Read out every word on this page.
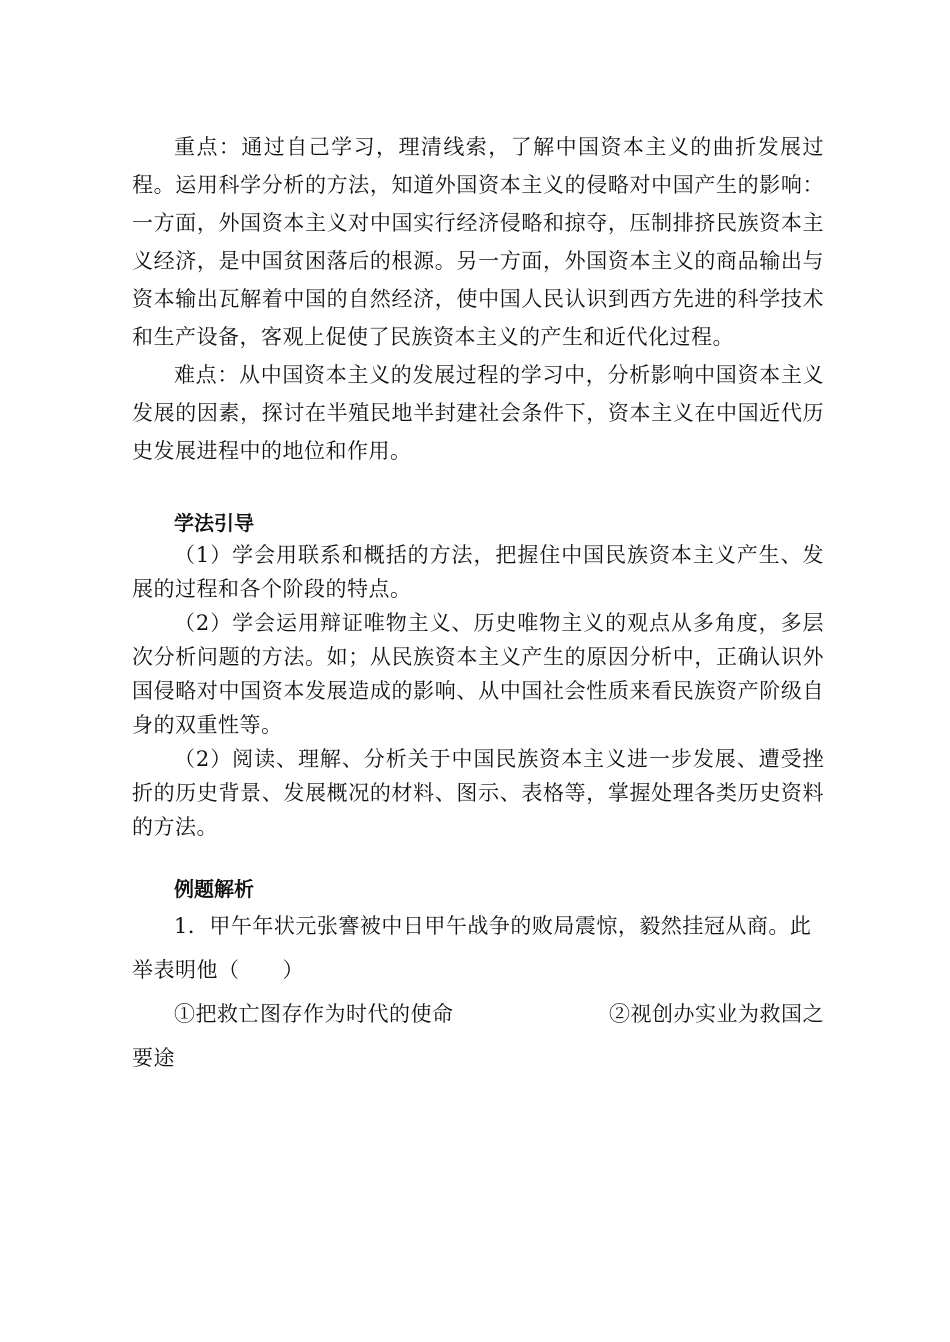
重点：通过自己学习，理清线索，了解中国资本主义的曲折发展过程。运用科学分析的方法，知道外国资本主义的侵略对中国产生的影响：一方面，外国资本主义对中国实行经济侵略和掠夺，压制排挤民族资本主义经济，是中国贫困落后的根源。另一方面，外国资本主义的商品输出与资本输出瓦解着中国的自然经济，使中国人民认识到西方先进的科学技术和生产设备，客观上促使了民族资本主义的产生和近代化过程。

难点：从中国资本主义的发展过程的学习中，分析影响中国资本主义发展的因素，探讨在半殖民地半封建社会条件下，资本主义在中国近代历史发展进程中的地位和作用。

学法引导

（1）学会用联系和概括的方法，把握住中国民族资本主义产生、发展的过程和各个阶段的特点。

（2）学会运用辩证唯物主义、历史唯物主义的观点从多角度，多层次分析问题的方法。如；从民族资本主义产生的原因分析中，正确认识外国侵略对中国资本发展造成的影响、从中国社会性质来看民族资产阶级自身的双重性等。

（2）阅读、理解、分析关于中国民族资本主义进一步发展、遭受挫折的历史背景、发展概况的材料、图示、表格等，掌握处理各类历史资料的方法。

例题解析

1．甲午年状元张謇被中日甲午战争的败局震惊，毅然挂冠从商。此

举表明他（　　）

①把救亡图存作为时代的使命	②视创办实业为救国之

要途
